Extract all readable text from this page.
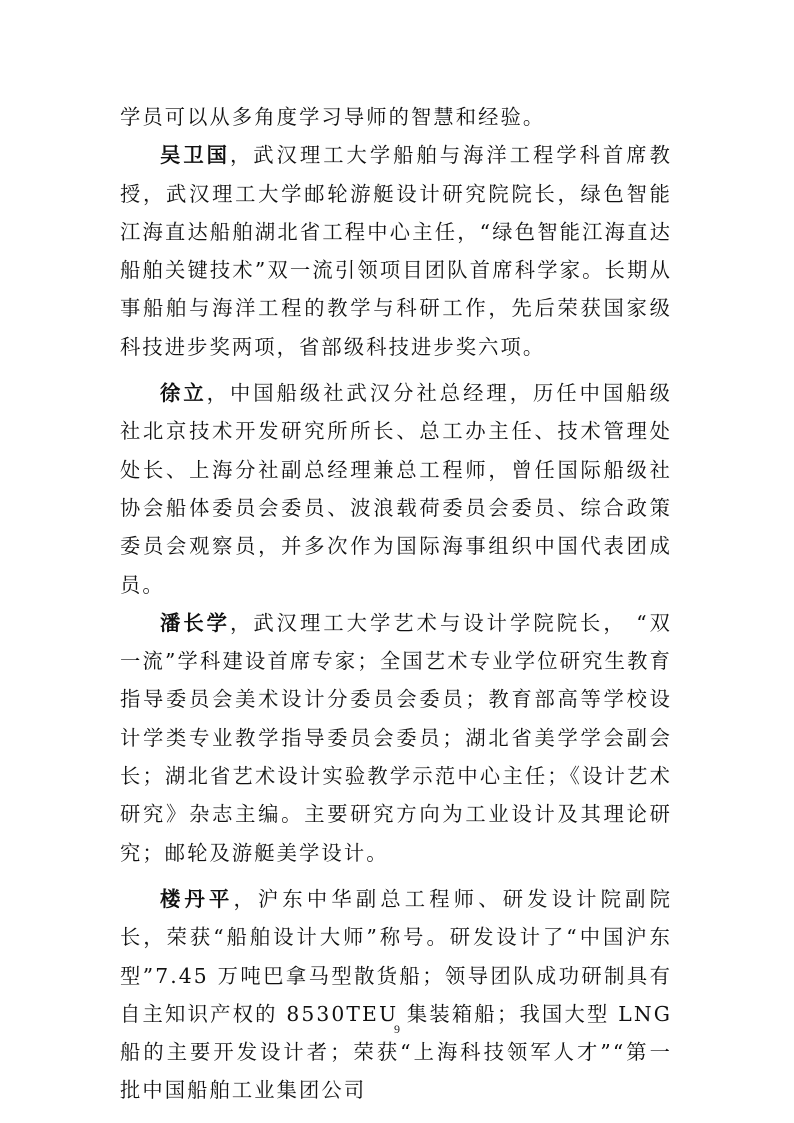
学员可以从多角度学习导师的智慧和经验。

吴卫国，武汉理工大学船舶与海洋工程学科首席教授，武汉理工大学邮轮游艇设计研究院院长，绿色智能江海直达船舶湖北省工程中心主任，“绿色智能江海直达船舶关键技术”双一流引领项目团队首席科学家。长期从事船舶与海洋工程的教学与科研工作，先后荣获国家级科技进步奖两项，省部级科技进步奖六项。

徐立，中国船级社武汉分社总经理，历任中国船级社北京技术开发研究所所长、总工办主任、技术管理处处长、上海分社副总经理兼总工程师，曾任国际船级社协会船体委员会委员、波浪载荷委员会委员、综合政策委员会观察员，并多次作为国际海事组织中国代表团成员。

潘长学，武汉理工大学艺术与设计学院院长， “双一流”学科建设首席专家；全国艺术专业学位研究生教育指导委员会美术设计分委员会委员；教育部高等学校设计学类专业教学指导委员会委员；湖北省美学学会副会长；湖北省艺术设计实验教学示范中心主任；《设计艺术研究》杂志主编。主要研究方向为工业设计及其理论研究；邮轮及游艇美学设计。

楼丹平，沪东中华副总工程师、研发设计院副院长，荣获“船舶设计大师”称号。研发设计了“中国沪东型”7.45 万吨巴拿马型散货船；领导团队成功研制具有自主知识产权的 8530TEU 集装箱船；我国大型 LNG 船的主要开发设计者；荣获“上海科技领军人才”“第一批中国船舶工业集团公司

9
